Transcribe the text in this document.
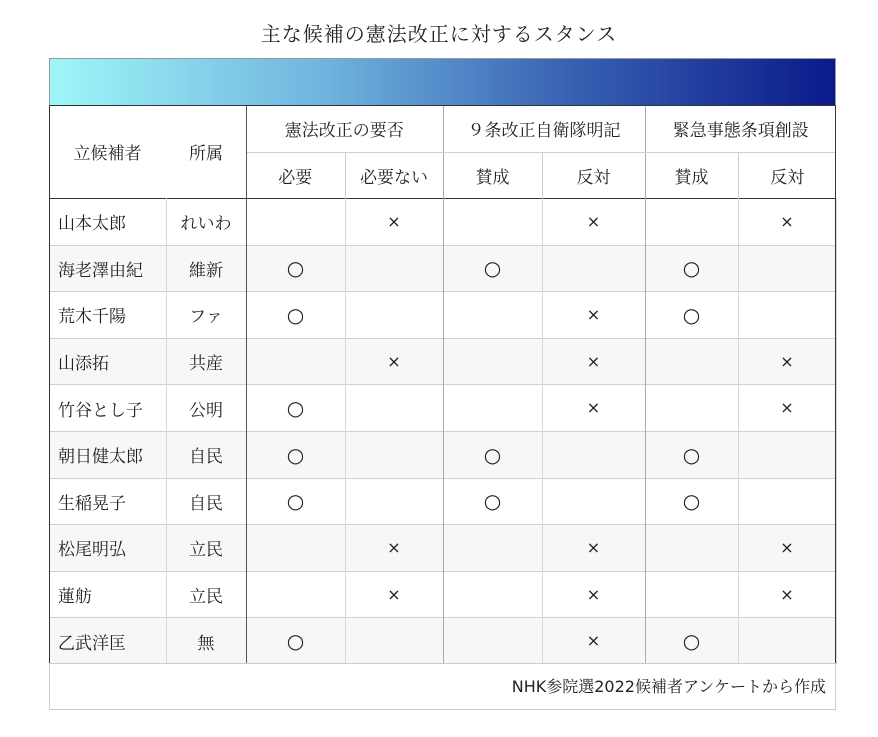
主な候補の憲法改正に対するスタンス
立候補者	所属	憲法改正の要否		９条改正自衛隊明記		緊急事態条項創設	
		必要	必要ない	賛成	反対	賛成	反対
山本太郎	れいわ		×		×		×
海老澤由紀	維新	○		○		○	
荒木千陽	ファ	○			×	○	
山添拓	共産		×		×		×
竹谷とし子	公明	○			×		×
朝日健太郎	自民	○		○		○	
生稲晃子	自民	○		○		○	
松尾明弘	立民		×		×		×
蓮舫	立民		×		×		×
乙武洋匡	無	○			×	○	
NHK参院選2022候補者アンケートから作成
